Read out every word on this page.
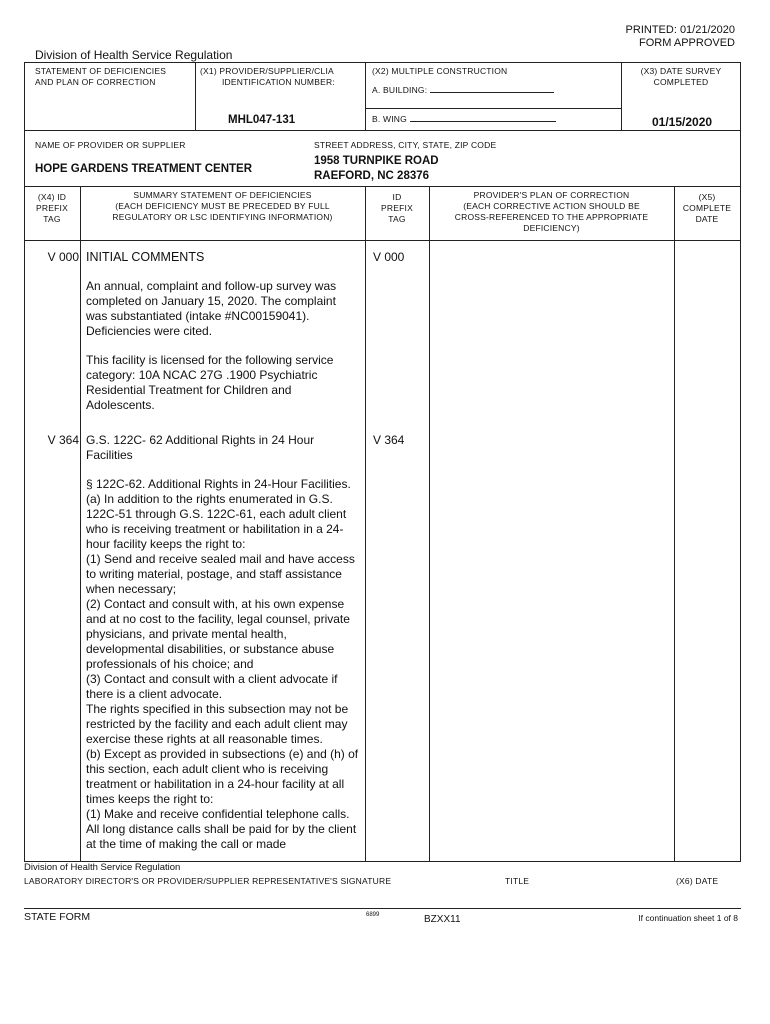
PRINTED: 01/21/2020
FORM APPROVED
Division of Health Service Regulation
STATEMENT OF DEFICIENCIES
AND PLAN OF CORRECTION
(X1) PROVIDER/SUPPLIER/CLIA
IDENTIFICATION NUMBER:
MHL047-131
(X2) MULTIPLE CONSTRUCTION
A. BUILDING:
B. WING
(X3) DATE SURVEY
COMPLETED
01/15/2020
NAME OF PROVIDER OR SUPPLIER
HOPE GARDENS TREATMENT CENTER
STREET ADDRESS, CITY, STATE, ZIP CODE
1958 TURNPIKE ROAD
RAEFORD, NC 28376
(X4) ID
PREFIX
TAG
SUMMARY STATEMENT OF DEFICIENCIES
(EACH DEFICIENCY MUST BE PRECEDED BY FULL
REGULATORY OR LSC IDENTIFYING INFORMATION)
ID
PREFIX
TAG
PROVIDER'S PLAN OF CORRECTION
(EACH CORRECTIVE ACTION SHOULD BE
CROSS-REFERENCED TO THE APPROPRIATE
DEFICIENCY)
(X5)
COMPLETE
DATE
V 000	V 000
INITIAL COMMENTS
An annual, complaint and follow-up survey was completed on January 15, 2020. The complaint was substantiated (intake #NC00159041). Deficiencies were cited.
This facility is licensed for the following service category: 10A NCAC 27G .1900 Psychiatric Residential Treatment for Children and Adolescents.
V 364	V 364
G.S. 122C- 62 Additional Rights in 24 Hour Facilities
§ 122C-62. Additional Rights in 24-Hour Facilities.
(a) In addition to the rights enumerated in G.S. 122C-51 through G.S. 122C-61, each adult client who is receiving treatment or habilitation in a 24-hour facility keeps the right to:
(1) Send and receive sealed mail and have access to writing material, postage, and staff assistance when necessary;
(2) Contact and consult with, at his own expense and at no cost to the facility, legal counsel, private physicians, and private mental health, developmental disabilities, or substance abuse professionals of his choice; and
(3) Contact and consult with a client advocate if there is a client advocate.
The rights specified in this subsection may not be restricted by the facility and each adult client may exercise these rights at all reasonable times.
(b) Except as provided in subsections (e) and (h) of this section, each adult client who is receiving treatment or habilitation in a 24-hour facility at all times keeps the right to:
(1) Make and receive confidential telephone calls. All long distance calls shall be paid for by the client at the time of making the call or made
Division of Health Service Regulation
LABORATORY DIRECTOR'S OR PROVIDER/SUPPLIER REPRESENTATIVE'S SIGNATURE	TITLE	(X6) DATE
STATE FORM	6899	BZXX11	If continuation sheet 1 of 8
